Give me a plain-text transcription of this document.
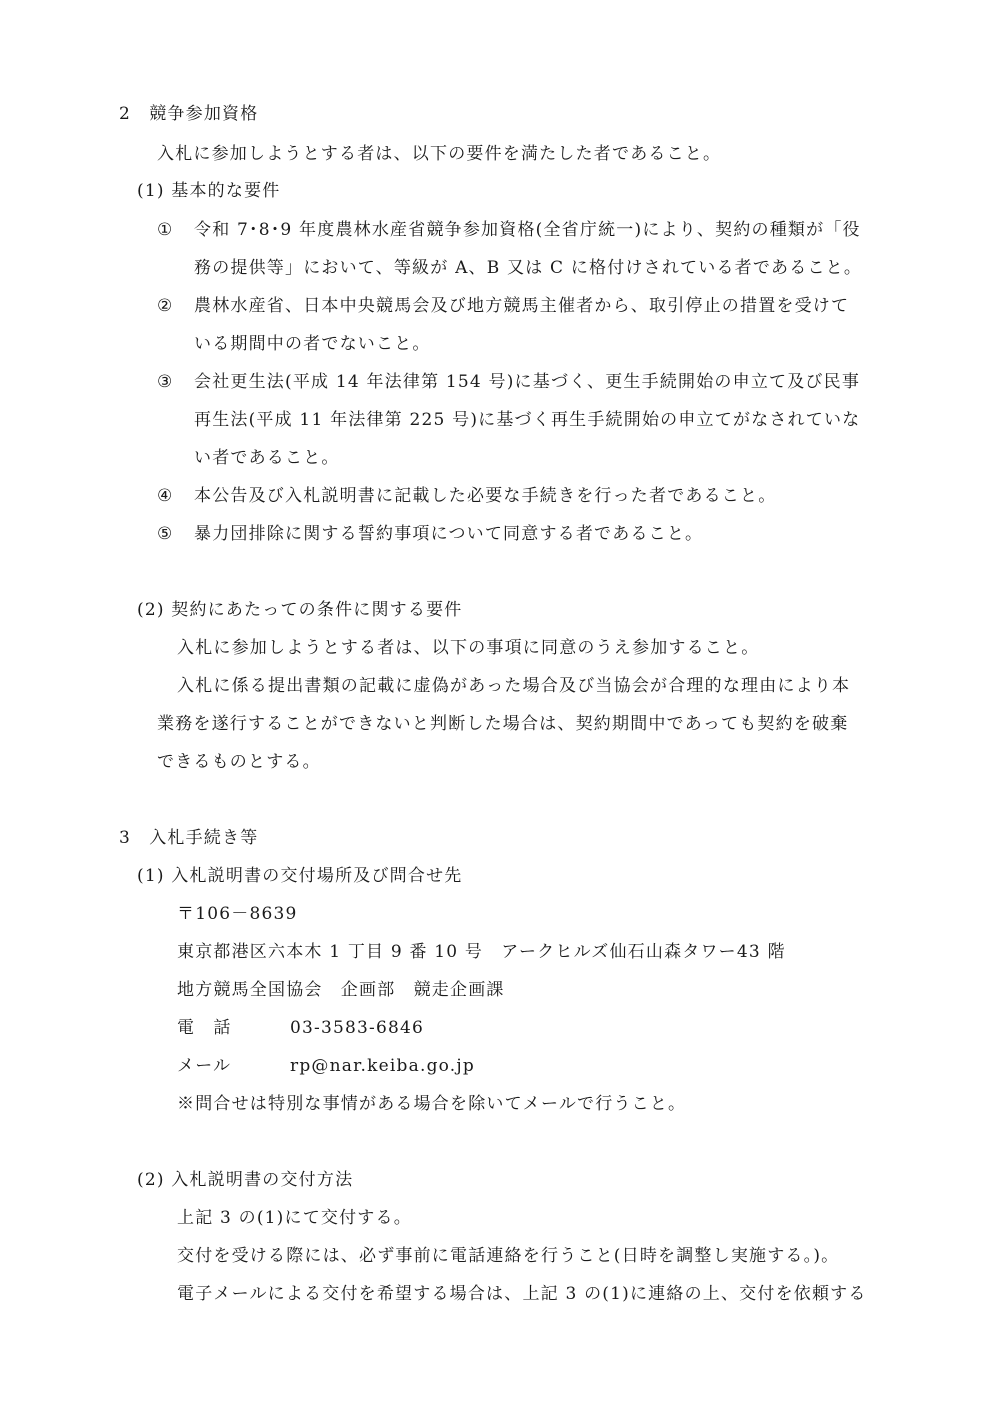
2　競争参加資格
入札に参加しようとする者は、以下の要件を満たした者であること。
(1) 基本的な要件
① 令和 7･8･9 年度農林水産省競争参加資格(全省庁統一)により、契約の種類が「役
務の提供等」において、等級が A、B 又は C に格付けされている者であること。
② 農林水産省、日本中央競馬会及び地方競馬主催者から、取引停止の措置を受けて
いる期間中の者でないこと。
③ 会社更生法(平成 14 年法律第 154 号)に基づく、更生手続開始の申立て及び民事
再生法(平成 11 年法律第 225 号)に基づく再生手続開始の申立てがなされていな
い者であること。
④ 本公告及び入札説明書に記載した必要な手続きを行った者であること。
⑤ 暴力団排除に関する誓約事項について同意する者であること。
(2) 契約にあたっての条件に関する要件
入札に参加しようとする者は、以下の事項に同意のうえ参加すること。
入札に係る提出書類の記載に虚偽があった場合及び当協会が合理的な理由により本
業務を遂行することができないと判断した場合は、契約期間中であっても契約を破棄
できるものとする。
3　入札手続き等
(1) 入札説明書の交付場所及び問合せ先
〒106－8639
東京都港区六本木 1 丁目 9 番 10 号　アークヒルズ仙石山森タワー43 階
地方競馬全国協会　企画部　競走企画課
電　話	03-3583-6846
メール	rp@nar.keiba.go.jp
※問合せは特別な事情がある場合を除いてメールで行うこと。
(2) 入札説明書の交付方法
上記 3 の(1)にて交付する。
交付を受ける際には、必ず事前に電話連絡を行うこと(日時を調整し実施する。)。
電子メールによる交付を希望する場合は、上記 3 の(1)に連絡の上、交付を依頼する
